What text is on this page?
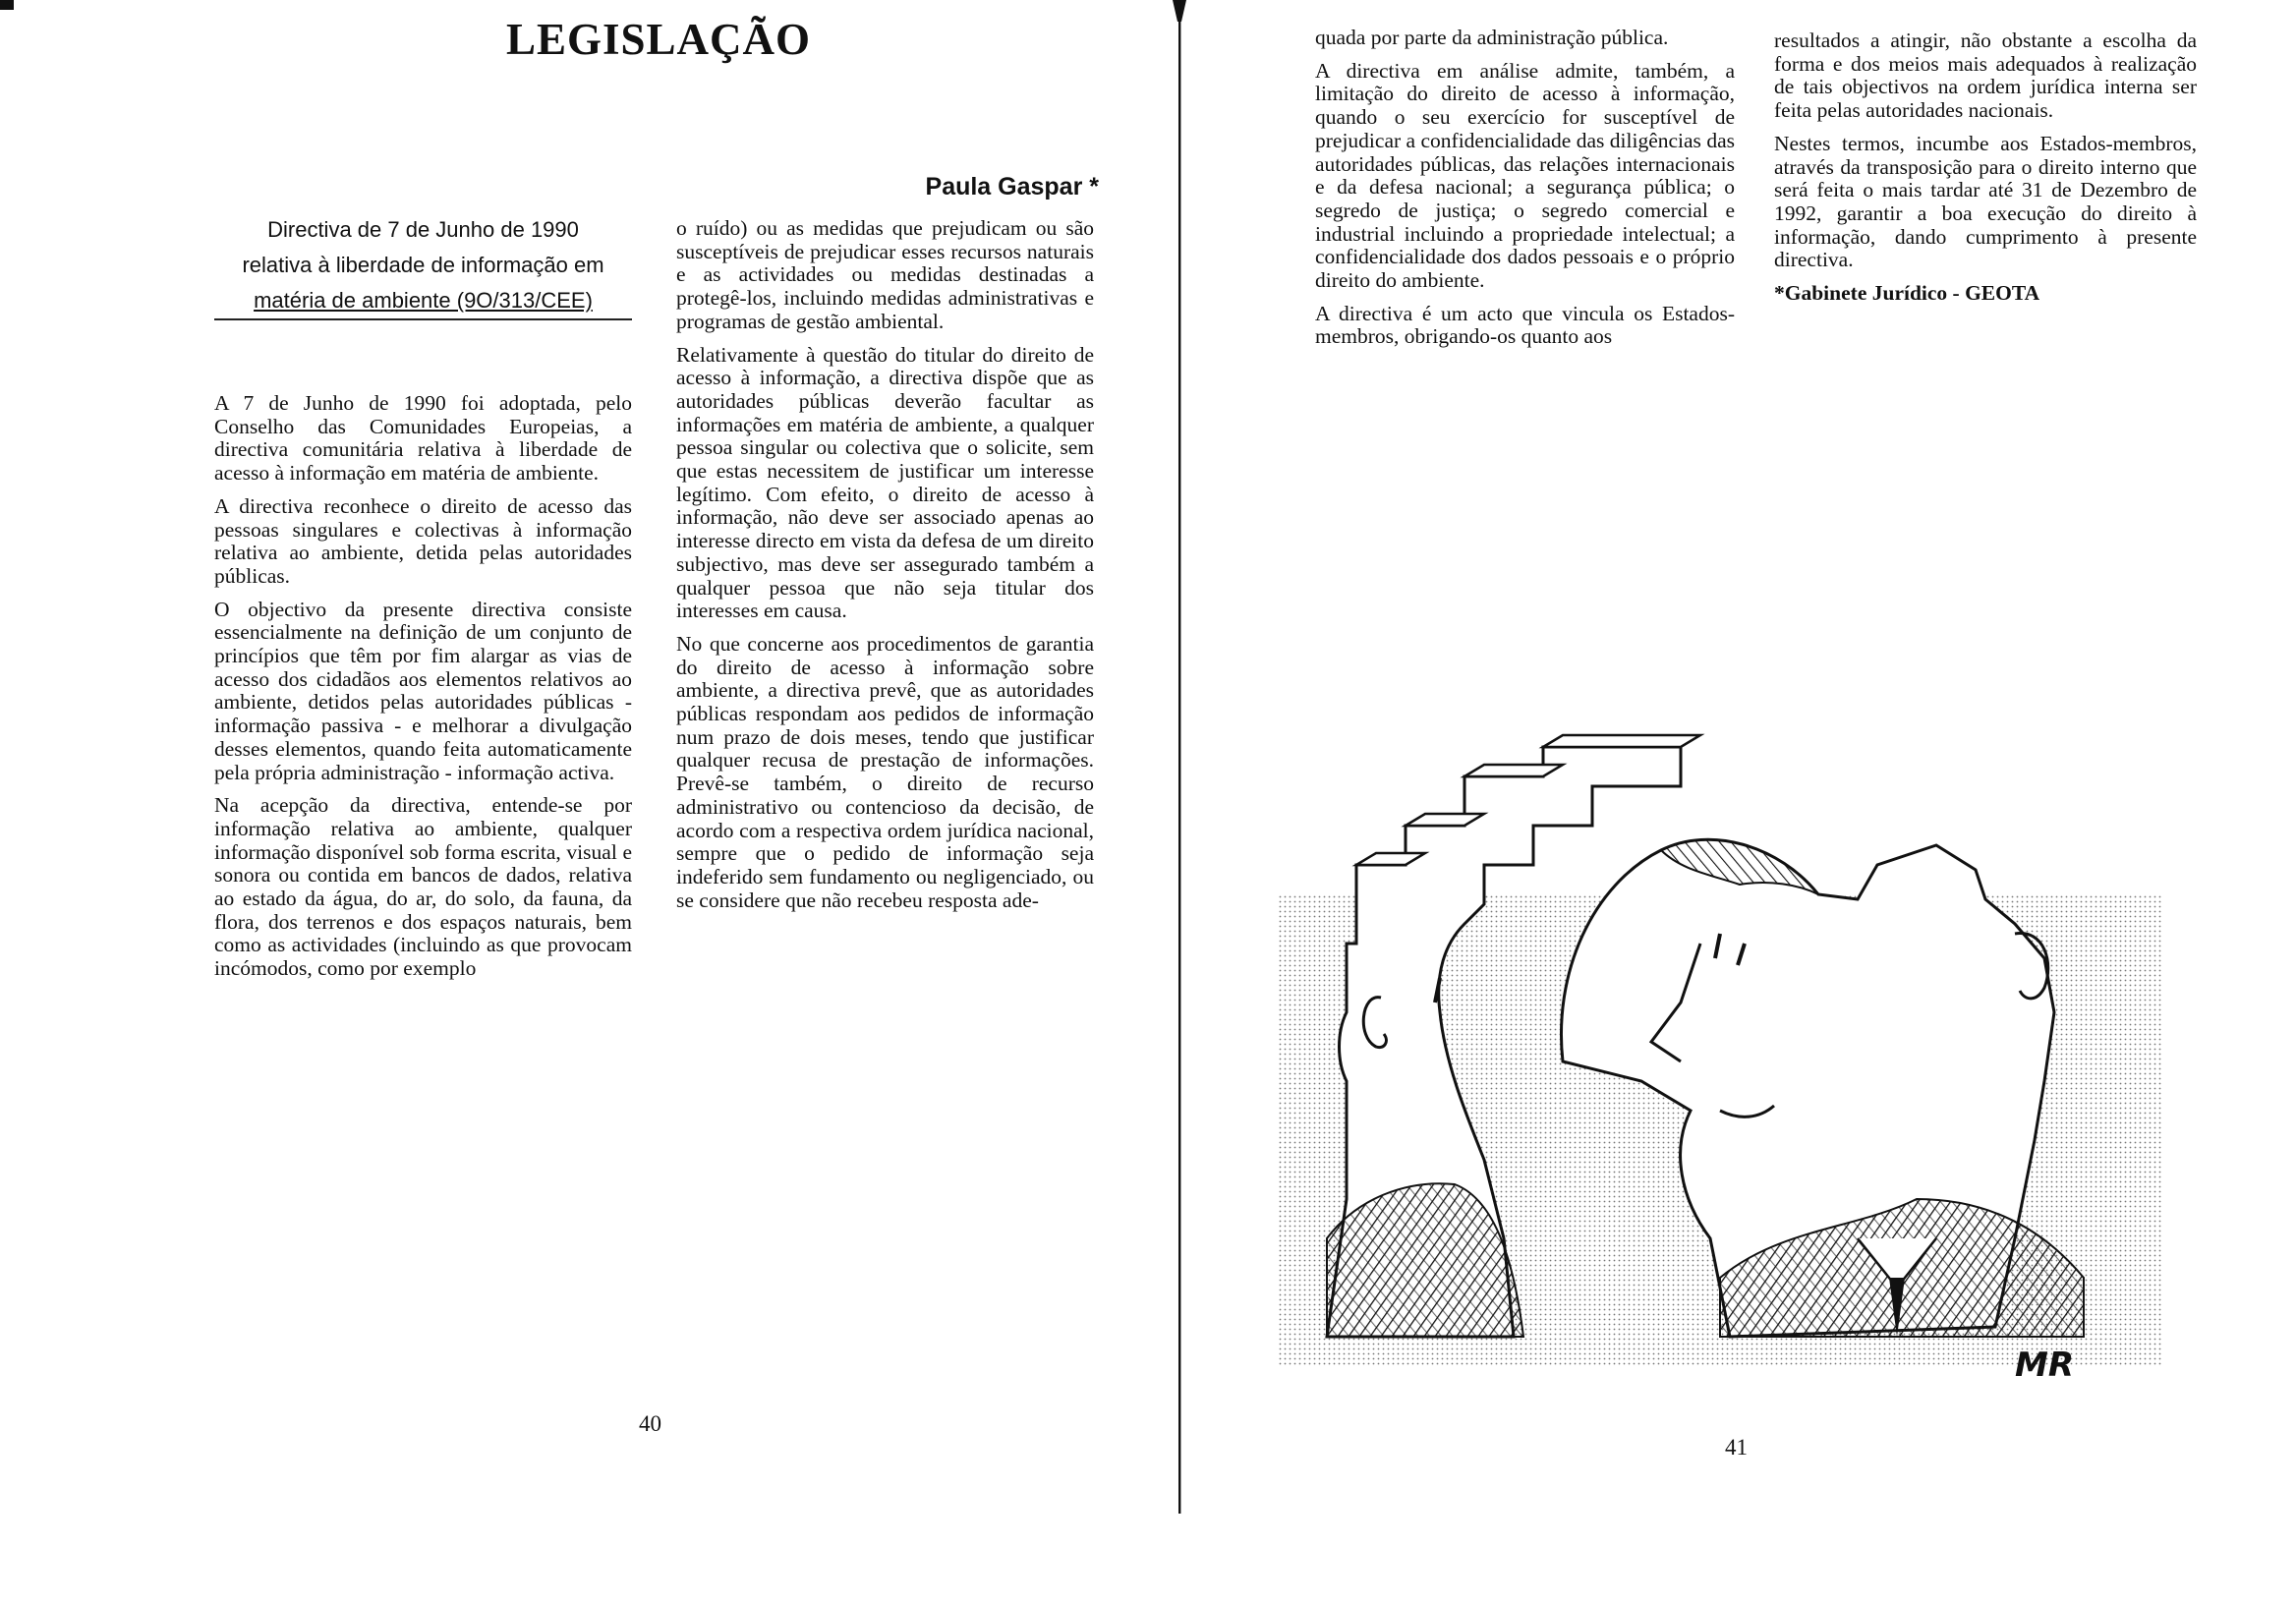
LEGISLAÇÃO
Paula Gaspar *
Directiva de 7 de Junho de 1990
relativa à liberdade de informação em
matéria de ambiente (9O/313/CEE)

A 7 de Junho de 1990 foi adoptada, pelo Conselho das Comunidades Europeias, a directiva comunitária relativa à liberdade de acesso à informação em matéria de ambiente.

A directiva reconhece o direito de acesso das pessoas singulares e colectivas à informação relativa ao ambiente, detida pelas autoridades públicas.

O objectivo da presente directiva consiste essencialmente na definição de um conjunto de princípios que têm por fim alargar as vias de acesso dos cidadãos aos elementos relativos ao ambiente, detidos pelas autoridades públicas - informação passiva - e melhorar a divulgação desses elementos, quando feita automaticamente pela própria administração - informação activa.

Na acepção da directiva, entende-se por informação relativa ao ambiente, qualquer informação disponível sob forma escrita, visual e sonora ou contida em bancos de dados, relativa ao estado da água, do ar, do solo, da fauna, da flora, dos terrenos e dos espaços naturais, bem como as actividades (incluindo as que provocam incómodos, como por exemplo

o ruído) ou as medidas que prejudicam ou são susceptíveis de prejudicar esses recursos naturais e as actividades ou medidas destinadas a protegê-los, incluindo medidas administrativas e programas de gestão ambiental.

Relativamente à questão do titular do direito de acesso à informação, a directiva dispõe que as autoridades públicas deverão facultar as informações em matéria de ambiente, a qualquer pessoa singular ou colectiva que o solicite, sem que estas necessitem de justificar um interesse legítimo. Com efeito, o direito de acesso à informação, não deve ser associado apenas ao interesse directo em vista da defesa de um direito subjectivo, mas deve ser assegurado também a qualquer pessoa que não seja titular dos interesses em causa.

No que concerne aos procedimentos de garantia do direito de acesso à informação sobre ambiente, a directiva prevê, que as autoridades públicas respondam aos pedidos de informação num prazo de dois meses, tendo que justificar qualquer recusa de prestação de informações. Prevê-se também, o direito de recurso administrativo ou contencioso da decisão, de acordo com a respectiva ordem jurídica nacional, sempre que o pedido de informação seja indeferido sem fundamento ou negligenciado, ou se considere que não recebeu resposta ade-

40

quada por parte da administração pública.

A directiva em análise admite, também, a limitação do direito de acesso à informação, quando o seu exercício for susceptível de prejudicar a confidencialidade das diligências das autoridades públicas, das relações internacionais e da defesa nacional; a segurança pública; o segredo de justiça; o segredo comercial e industrial incluindo a propriedade intelectual; a confidencialidade dos dados pessoais e o próprio direito do ambiente.

A directiva é um acto que vincula os Estados-membros, obrigando-os quanto aos

resultados a atingir, não obstante a escolha da forma e dos meios mais adequados à realização de tais objectivos na ordem jurídica interna ser feita pelas autoridades nacionais.

Nestes termos, incumbe aos Estados-membros, através da transposição para o direito interno que será feita o mais tardar até 31 de Dezembro de 1992, garantir a boa execução do direito à informação, dando cumprimento à presente directiva.

*Gabinete Jurídico - GEOTA

MR
41
